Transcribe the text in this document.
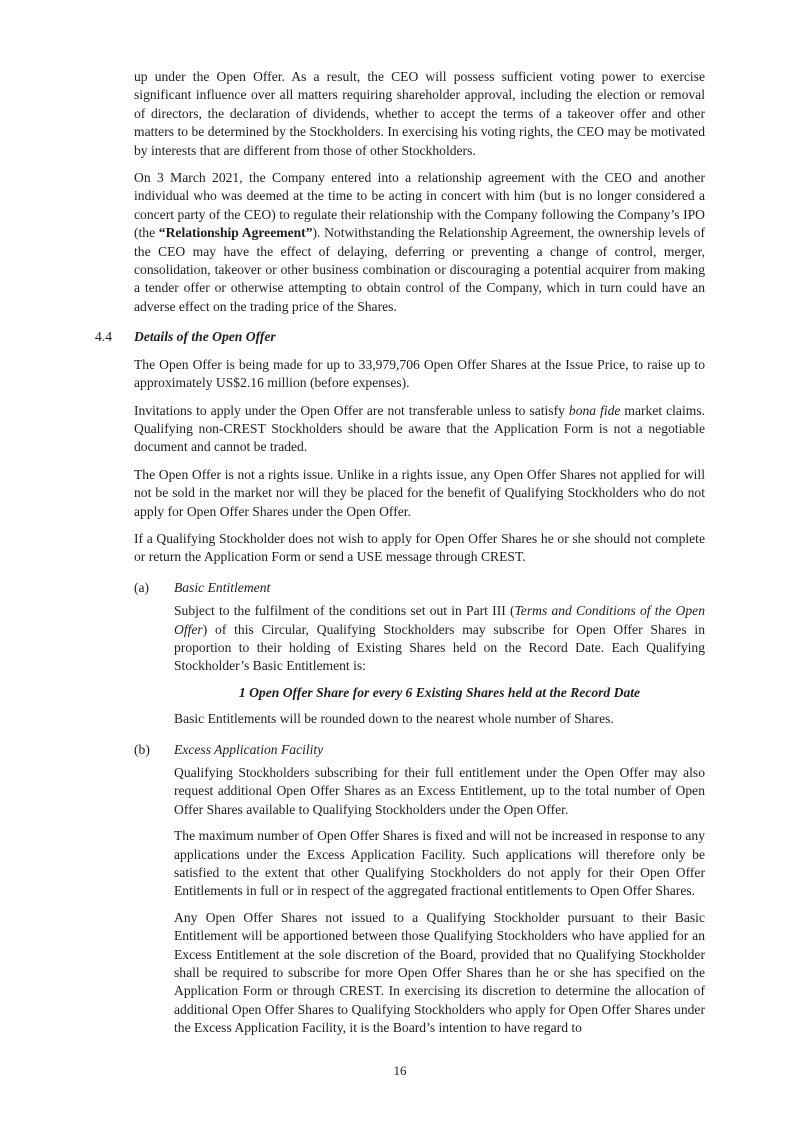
up under the Open Offer. As a result, the CEO will possess sufficient voting power to exercise significant influence over all matters requiring shareholder approval, including the election or removal of directors, the declaration of dividends, whether to accept the terms of a takeover offer and other matters to be determined by the Stockholders. In exercising his voting rights, the CEO may be motivated by interests that are different from those of other Stockholders.
On 3 March 2021, the Company entered into a relationship agreement with the CEO and another individual who was deemed at the time to be acting in concert with him (but is no longer considered a concert party of the CEO) to regulate their relationship with the Company following the Company’s IPO (the “Relationship Agreement”). Notwithstanding the Relationship Agreement, the ownership levels of the CEO may have the effect of delaying, deferring or preventing a change of control, merger, consolidation, takeover or other business combination or discouraging a potential acquirer from making a tender offer or otherwise attempting to obtain control of the Company, which in turn could have an adverse effect on the trading price of the Shares.
4.4 Details of the Open Offer
The Open Offer is being made for up to 33,979,706 Open Offer Shares at the Issue Price, to raise up to approximately US$2.16 million (before expenses).
Invitations to apply under the Open Offer are not transferable unless to satisfy bona fide market claims. Qualifying non-CREST Stockholders should be aware that the Application Form is not a negotiable document and cannot be traded.
The Open Offer is not a rights issue. Unlike in a rights issue, any Open Offer Shares not applied for will not be sold in the market nor will they be placed for the benefit of Qualifying Stockholders who do not apply for Open Offer Shares under the Open Offer.
If a Qualifying Stockholder does not wish to apply for Open Offer Shares he or she should not complete or return the Application Form or send a USE message through CREST.
(a) Basic Entitlement
Subject to the fulfilment of the conditions set out in Part III (Terms and Conditions of the Open Offer) of this Circular, Qualifying Stockholders may subscribe for Open Offer Shares in proportion to their holding of Existing Shares held on the Record Date. Each Qualifying Stockholder’s Basic Entitlement is:
1 Open Offer Share for every 6 Existing Shares held at the Record Date
Basic Entitlements will be rounded down to the nearest whole number of Shares.
(b) Excess Application Facility
Qualifying Stockholders subscribing for their full entitlement under the Open Offer may also request additional Open Offer Shares as an Excess Entitlement, up to the total number of Open Offer Shares available to Qualifying Stockholders under the Open Offer.
The maximum number of Open Offer Shares is fixed and will not be increased in response to any applications under the Excess Application Facility. Such applications will therefore only be satisfied to the extent that other Qualifying Stockholders do not apply for their Open Offer Entitlements in full or in respect of the aggregated fractional entitlements to Open Offer Shares.
Any Open Offer Shares not issued to a Qualifying Stockholder pursuant to their Basic Entitlement will be apportioned between those Qualifying Stockholders who have applied for an Excess Entitlement at the sole discretion of the Board, provided that no Qualifying Stockholder shall be required to subscribe for more Open Offer Shares than he or she has specified on the Application Form or through CREST. In exercising its discretion to determine the allocation of additional Open Offer Shares to Qualifying Stockholders who apply for Open Offer Shares under the Excess Application Facility, it is the Board’s intention to have regard to
16
